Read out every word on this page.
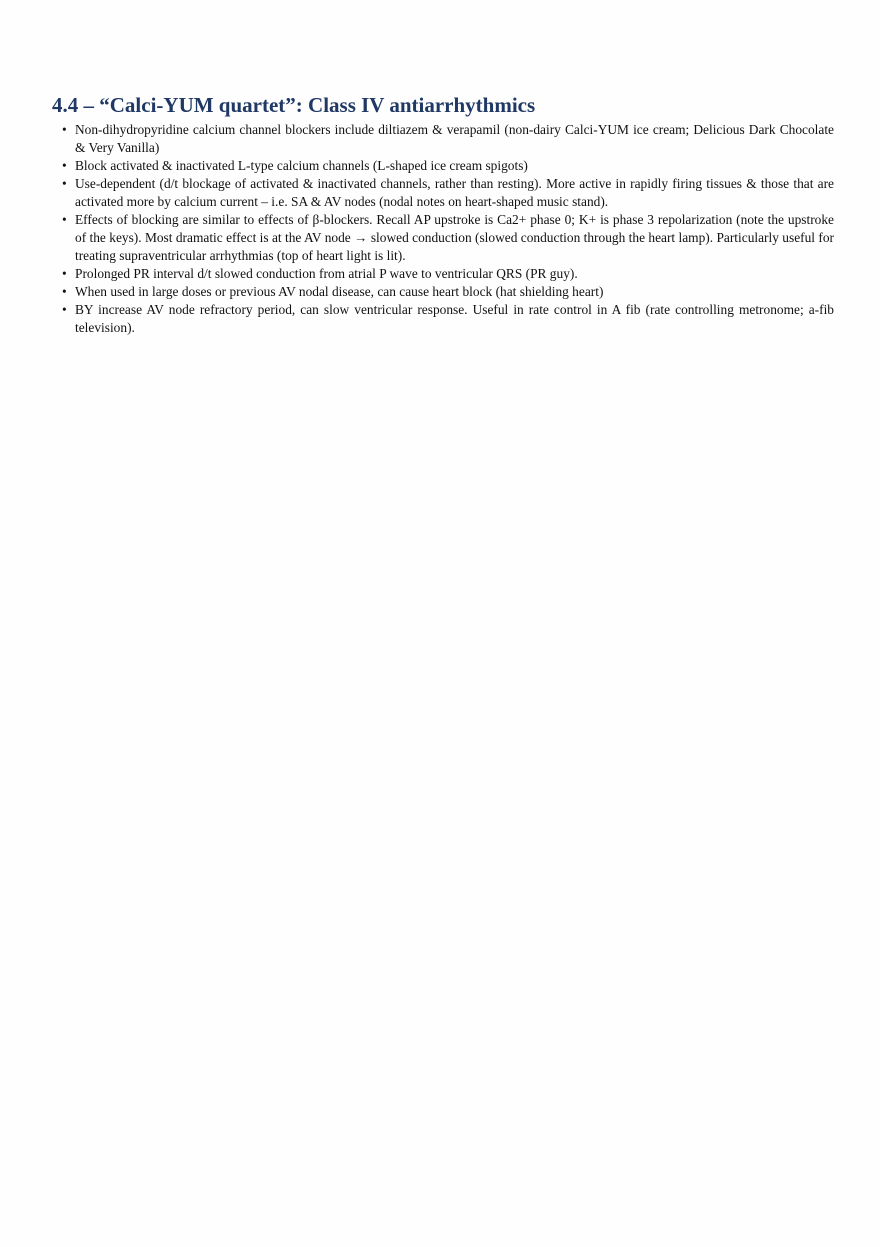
4.4 – “Calci-YUM quartet”: Class IV antiarrhythmics
• Non-dihydropyridine calcium channel blockers include diltiazem & verapamil (non-dairy Calci-YUM ice cream; Delicious Dark Chocolate & Very Vanilla)
• Block activated & inactivated L-type calcium channels (L-shaped ice cream spigots)
• Use-dependent (d/t blockage of activated & inactivated channels, rather than resting). More active in rapidly firing tissues & those that are activated more by calcium current – i.e. SA & AV nodes (nodal notes on heart-shaped music stand).
• Effects of blocking are similar to effects of β-blockers. Recall AP upstroke is Ca2+ phase 0; K+ is phase 3 repolarization (note the upstroke of the keys). Most dramatic effect is at the AV node → slowed conduction (slowed conduction through the heart lamp). Particularly useful for treating supraventricular arrhythmias (top of heart light is lit).
• Prolonged PR interval d/t slowed conduction from atrial P wave to ventricular QRS (PR guy).
• When used in large doses or previous AV nodal disease, can cause heart block (hat shielding heart)
• BY increase AV node refractory period, can slow ventricular response. Useful in rate control in A fib (rate controlling metronome; a-fib television).
